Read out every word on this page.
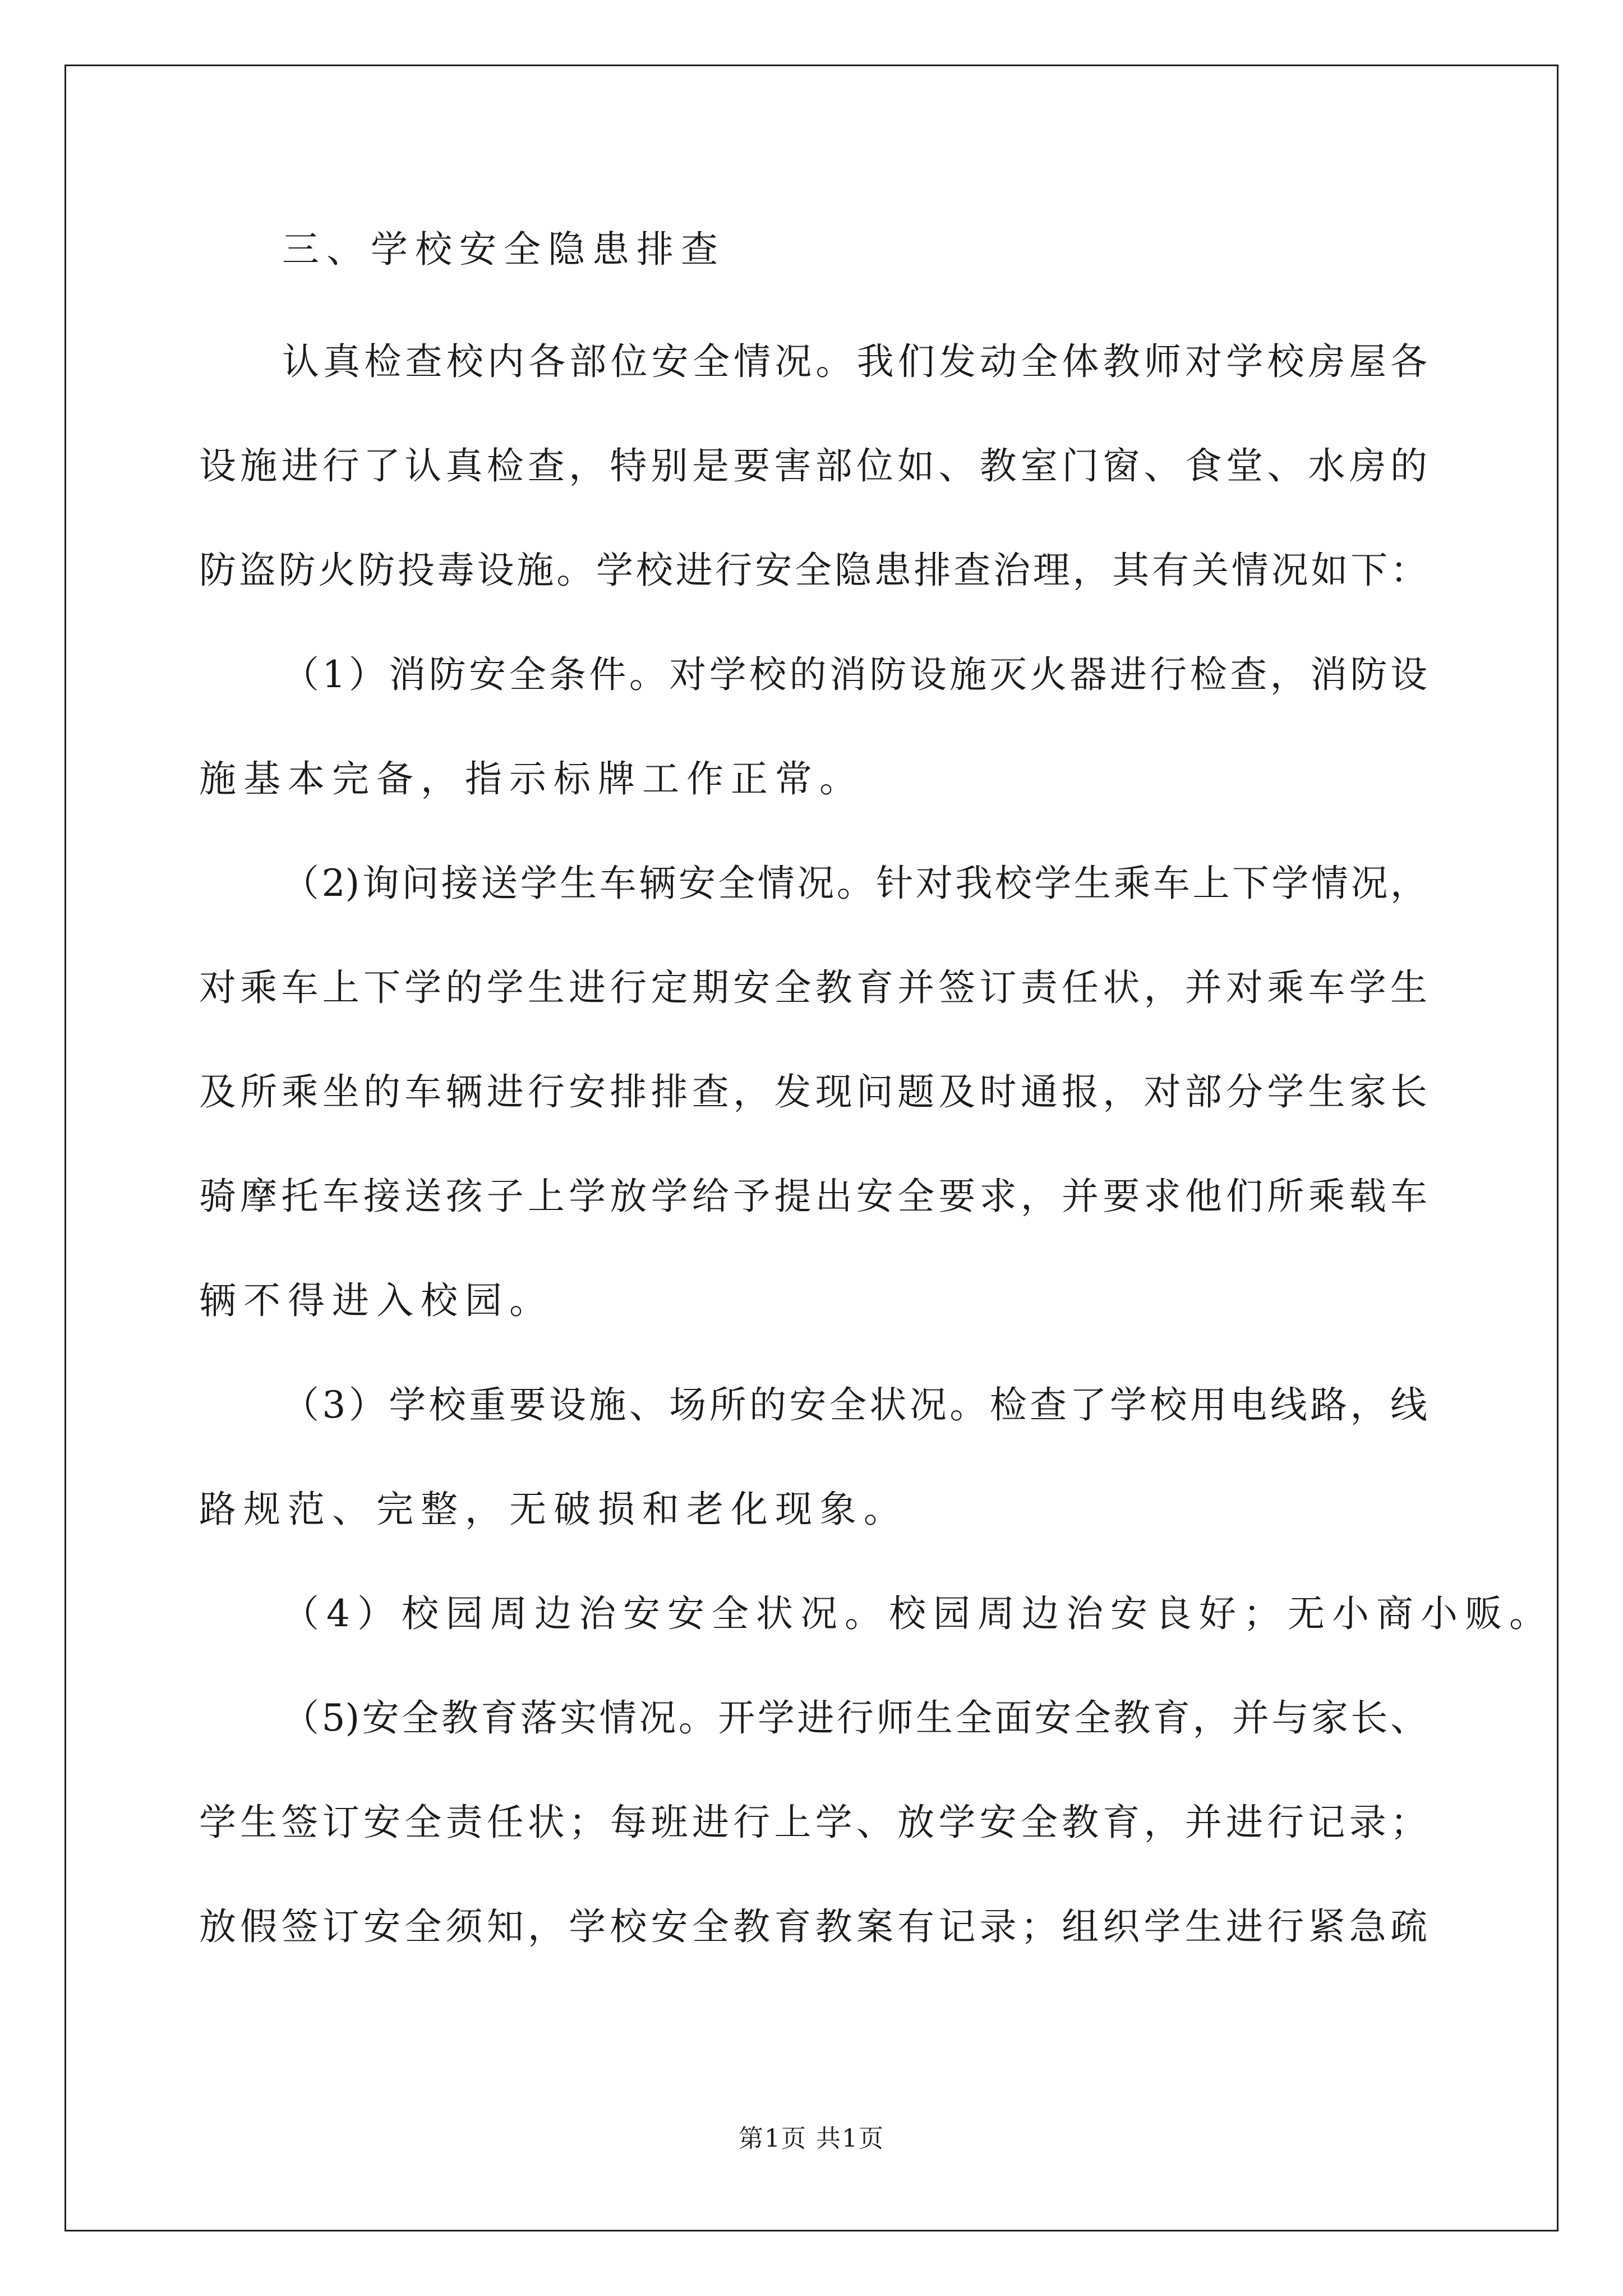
三、学校安全隐患排查
认真检查校内各部位安全情况。我们发动全体教师对学校房屋各
设施进行了认真检查，特别是要害部位如、教室门窗、食堂、水房的
防盗防火防投毒设施。学校进行安全隐患排查治理，其有关情况如下：
（1）消防安全条件。对学校的消防设施灭火器进行检查，消防设
施基本完备，指示标牌工作正常。
（2)询问接送学生车辆安全情况。针对我校学生乘车上下学情况，
对乘车上下学的学生进行定期安全教育并签订责任状，并对乘车学生
及所乘坐的车辆进行安排排查，发现问题及时通报，对部分学生家长
骑摩托车接送孩子上学放学给予提出安全要求，并要求他们所乘载车
辆不得进入校园。
（3）学校重要设施、场所的安全状况。检查了学校用电线路，线
路规范、完整，无破损和老化现象。
（4）校园周边治安安全状况。校园周边治安良好；无小商小贩。
（5)安全教育落实情况。开学进行师生全面安全教育，并与家长、
学生签订安全责任状；每班进行上学、放学安全教育，并进行记录；
放假签订安全须知，学校安全教育教案有记录；组织学生进行紧急疏
第1页 共1页
